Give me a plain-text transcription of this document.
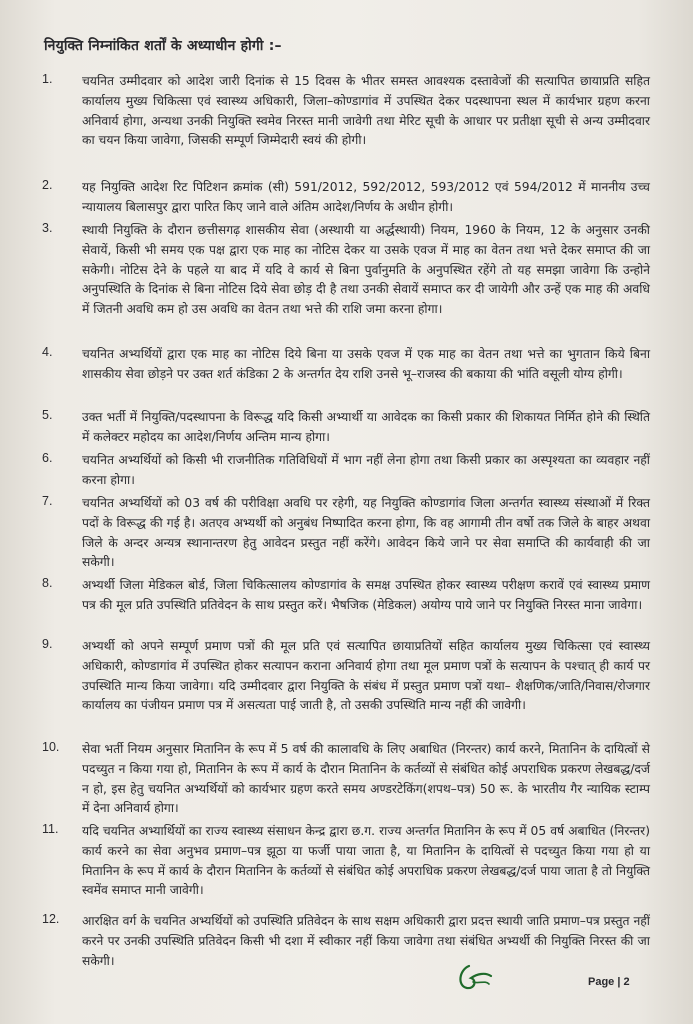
नियुक्ति निम्नांकित शर्तों के अध्याधीन होगी :–
1. चयनित उम्मीदवार को आदेश जारी दिनांक से 15 दिवस के भीतर समस्त आवश्यक दस्तावेजों की सत्यापित छायाप्रति सहित कार्यालय मुख्य चिकित्सा एवं स्वास्थ्य अधिकारी, जिला–कोण्डागांव में उपस्थित देकर पदस्थापना स्थल में कार्यभार ग्रहण करना अनिवार्य होगा, अन्यथा उनकी नियुक्ति स्वमेव निरस्त मानी जावेगी तथा मेरिट सूची के आधार पर प्रतीक्षा सूची से अन्य उम्मीदवार का चयन किया जावेगा, जिसकी सम्पूर्ण जिम्मेदारी स्वयं की होगी।
2. यह नियुक्ति आदेश रिट पिटिशन क्रमांक (सी) 591/2012, 592/2012, 593/2012 एवं 594/2012 में माननीय उच्च न्यायालय बिलासपुर द्वारा पारित किए जाने वाले अंतिम आदेश/निर्णय के अधीन होगी।
3. स्थायी नियुक्ति के दौरान छत्तीसगढ़ शासकीय सेवा (अस्थायी या अर्द्धस्थायी) नियम, 1960 के नियम, 12 के अनुसार उनकी सेवायें, किसी भी समय एक पक्ष द्वारा एक माह का नोटिस देकर या उसके एवज में माह का वेतन तथा भत्ते देकर समाप्त की जा सकेगी। नोटिस देने के पहले या बाद में यदि वे कार्य से बिना पुर्वानुमति के अनुपस्थित रहेंगे तो यह समझा जावेगा कि उन्होने अनुपस्थिति के दिनांक से बिना नोटिस दिये सेवा छोड़ दी है तथा उनकी सेवायें समाप्त कर दी जायेगी और उन्हें एक माह की अवधि में जितनी अवधि कम हो उस अवधि का वेतन तथा भत्ते की राशि जमा करना होगा।
4. चयनित अभ्यर्थियों द्वारा एक माह का नोटिस दिये बिना या उसके एवज में एक माह का वेतन तथा भत्ते का भुगतान किये बिना शासकीय सेवा छोड़ने पर उक्त शर्त कंडिका 2 के अन्तर्गत देय राशि उनसे भू–राजस्व की बकाया की भांति वसूली योग्य होगी।
5. उक्त भर्ती में नियुक्ति/पदस्थापना के विरूद्ध यदि किसी अभ्यार्थी या आवेदक का किसी प्रकार की शिकायत निर्मित होने की स्थिति में कलेक्टर महोदय का आदेश/निर्णय अन्तिम मान्य होगा।
6. चयनित अभ्यर्थियों को किसी भी राजनीतिक गतिविधियों में भाग नहीं लेना होगा तथा किसी प्रकार का अस्पृश्यता का व्यवहार नहीं करना होगा।
7. चयनित अभ्यर्थियों को 03 वर्ष की परीविक्षा अवधि पर रहेगी, यह नियुक्ति कोण्डागांव जिला अन्तर्गत स्वास्थ्य संस्थाओं में रिक्त पदों के विरूद्ध की गई है। अतएव अभ्यर्थी को अनुबंध निष्पादित करना होगा, कि वह आगामी तीन वर्षो तक जिले के बाहर अथवा जिले के अन्दर अन्यत्र स्थानान्तरण हेतु आवेदन प्रस्तुत नहीं करेंगे। आवेदन किये जाने पर सेवा समाप्ति की कार्यवाही की जा सकेगी।
8. अभ्यर्थी जिला मेडिकल बोर्ड, जिला चिकित्सालय कोण्डागांव के समक्ष उपस्थित होकर स्वास्थ्य परीक्षण करावें एवं स्वास्थ्य प्रमाण पत्र की मूल प्रति उपस्थिति प्रतिवेदन के साथ प्रस्तुत करें। भैषजिक (मेडिकल) अयोग्य पाये जाने पर नियुक्ति निरस्त माना जावेगा।
9. अभ्यर्थी को अपने सम्पूर्ण प्रमाण पत्रों की मूल प्रति एवं सत्यापित छायाप्रतियों सहित कार्यालय मुख्य चिकित्सा एवं स्वास्थ्य अधिकारी, कोण्डागांव में उपस्थित होकर सत्यापन कराना अनिवार्य होगा तथा मूल प्रमाण पत्रों के सत्यापन के पश्चात् ही कार्य पर उपस्थिति मान्य किया जावेगा। यदि उम्मीदवार द्वारा नियुक्ति के संबंध में प्रस्तुत प्रमाण पत्रों यथा– शैक्षणिक/जाति/निवास/रोजगार कार्यालय का पंजीयन प्रमाण पत्र में असत्यता पाई जाती है, तो उसकी उपस्थिति मान्य नहीं की जावेगी।
10. सेवा भर्ती नियम अनुसार मितानिन के रूप में 5 वर्ष की कालावधि के लिए अबाधित (निरन्तर) कार्य करने, मितानिन के दायित्वों से पदच्युत न किया गया हो, मितानिन के रूप में कार्य के दौरान मितानिन के कर्तव्यों से संबंधित कोई अपराधिक प्रकरण लेखबद्ध/दर्ज न हो, इस हेतु चयनित अभ्यर्थियों को कार्यभार ग्रहण करते समय अण्डरटेकिंग(शपथ–पत्र) 50 रू. के भारतीय गैर न्यायिक स्टाम्प में देना अनिवार्य होगा।
11. यदि चयनित अभ्यार्थियों का राज्य स्वास्थ्य संसाधन केन्द्र द्वारा छ.ग. राज्य अन्तर्गत मितानिन के रूप में 05 वर्ष अबाधित (निरन्तर) कार्य करने का सेवा अनुभव प्रमाण–पत्र झूठा या फर्जी पाया जाता है, या मितानिन के दायित्वों से पदच्युत किया गया हो या मितानिन के रूप में कार्य के दौरान मितानिन के कर्तव्यों से संबंधित कोई अपराधिक प्रकरण लेखबद्ध/दर्ज पाया जाता है तो नियुक्ति स्वमेंव समाप्त मानी जावेगी।
12. आरक्षित वर्ग के चयनित अभ्यर्थियों को उपस्थिति प्रतिवेदन के साथ सक्षम अधिकारी द्वारा प्रदत्त स्थायी जाति प्रमाण–पत्र प्रस्तुत नहीं करने पर उनकी उपस्थिति प्रतिवेदन किसी भी दशा में स्वीकार नहीं किया जावेगा तथा संबंधित अभ्यर्थी की नियुक्ति निरस्त की जा सकेगी।
Page | 2
